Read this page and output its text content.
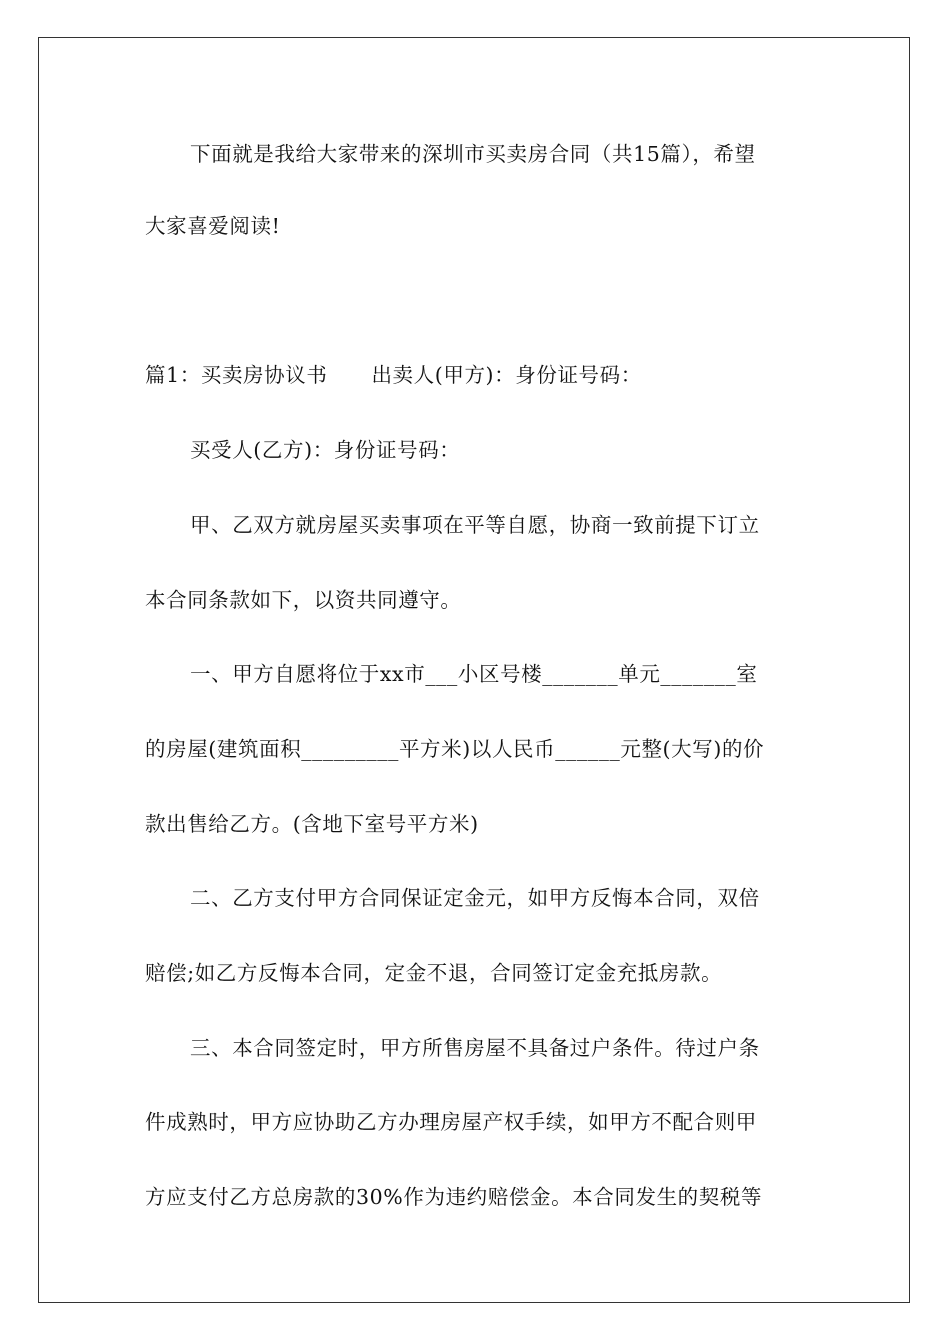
下面就是我给大家带来的深圳市买卖房合同（共15篇），希望
大家喜爱阅读!
篇1：买卖房协议书 出卖人(甲方)：身份证号码：
买受人(乙方)：身份证号码：
甲、乙双方就房屋买卖事项在平等自愿，协商一致前提下订立
本合同条款如下，以资共同遵守。
一、甲方自愿将位于xx市___小区号楼_______单元_______室
的房屋(建筑面积_________平方米)以人民币______元整(大写)的价
款出售给乙方。(含地下室号平方米)
二、乙方支付甲方合同保证定金元，如甲方反悔本合同，双倍
赔偿;如乙方反悔本合同，定金不退，合同签订定金充抵房款。
三、本合同签定时，甲方所售房屋不具备过户条件。待过户条
件成熟时，甲方应协助乙方办理房屋产权手续，如甲方不配合则甲
方应支付乙方总房款的30%作为违约赔偿金。本合同发生的契税等
